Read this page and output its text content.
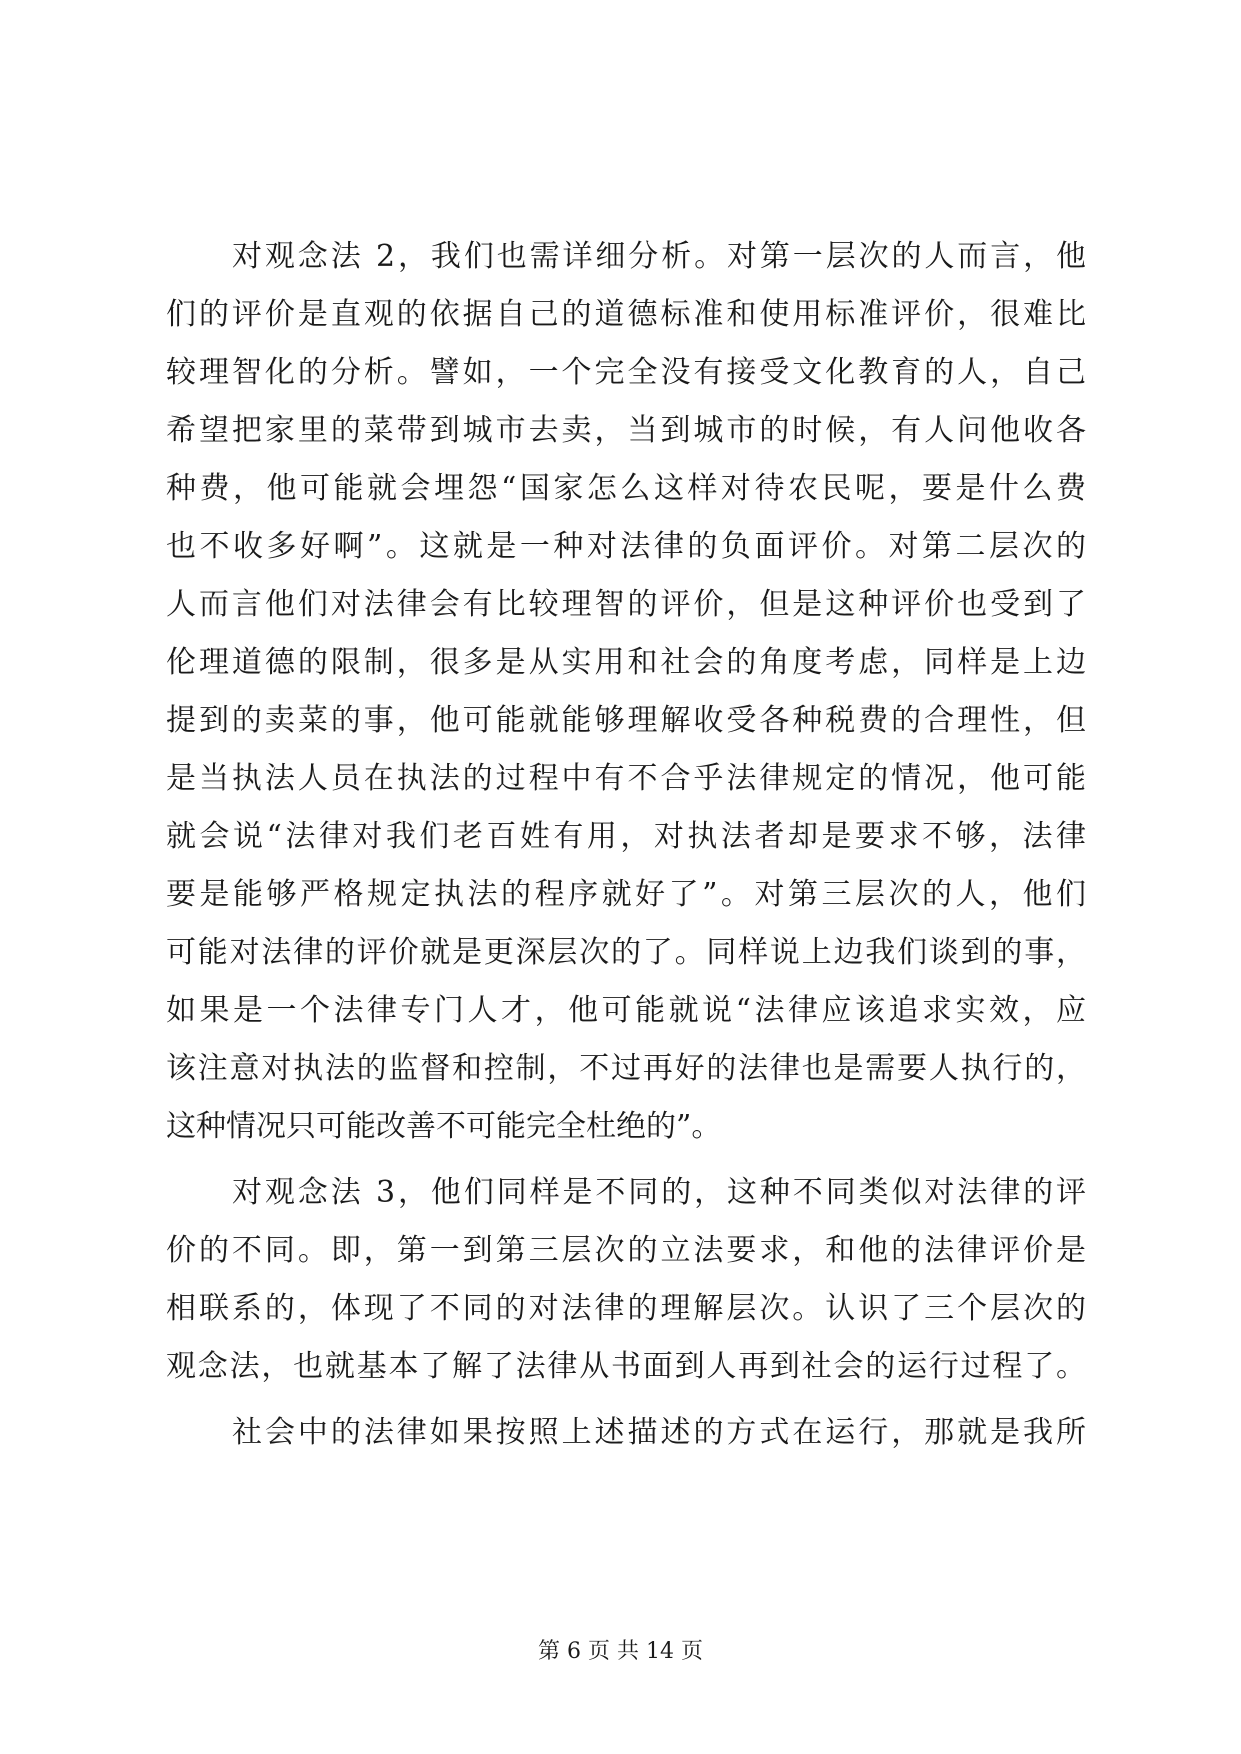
对观念法 2，我们也需详细分析。对第一层次的人而言，他
们的评价是直观的依据自己的道德标准和使用标准评价，很难比
较理智化的分析。譬如，一个完全没有接受文化教育的人，自己
希望把家里的菜带到城市去卖，当到城市的时候，有人问他收各
种费，他可能就会埋怨“国家怎么这样对待农民呢，要是什么费
也不收多好啊”。这就是一种对法律的负面评价。对第二层次的
人而言他们对法律会有比较理智的评价，但是这种评价也受到了
伦理道德的限制，很多是从实用和社会的角度考虑，同样是上边
提到的卖菜的事，他可能就能够理解收受各种税费的合理性，但
是当执法人员在执法的过程中有不合乎法律规定的情况，他可能
就会说“法律对我们老百姓有用，对执法者却是要求不够，法律
要是能够严格规定执法的程序就好了”。对第三层次的人，他们
可能对法律的评价就是更深层次的了。同样说上边我们谈到的事，
如果是一个法律专门人才，他可能就说“法律应该追求实效，应
该注意对执法的监督和控制，不过再好的法律也是需要人执行的，
这种情况只可能改善不可能完全杜绝的”。
对观念法 3，他们同样是不同的，这种不同类似对法律的评
价的不同。即，第一到第三层次的立法要求，和他的法律评价是
相联系的，体现了不同的对法律的理解层次。认识了三个层次的
观念法，也就基本了解了法律从书面到人再到社会的运行过程了。
社会中的法律如果按照上述描述的方式在运行，那就是我所
第 6 页 共 14 页
